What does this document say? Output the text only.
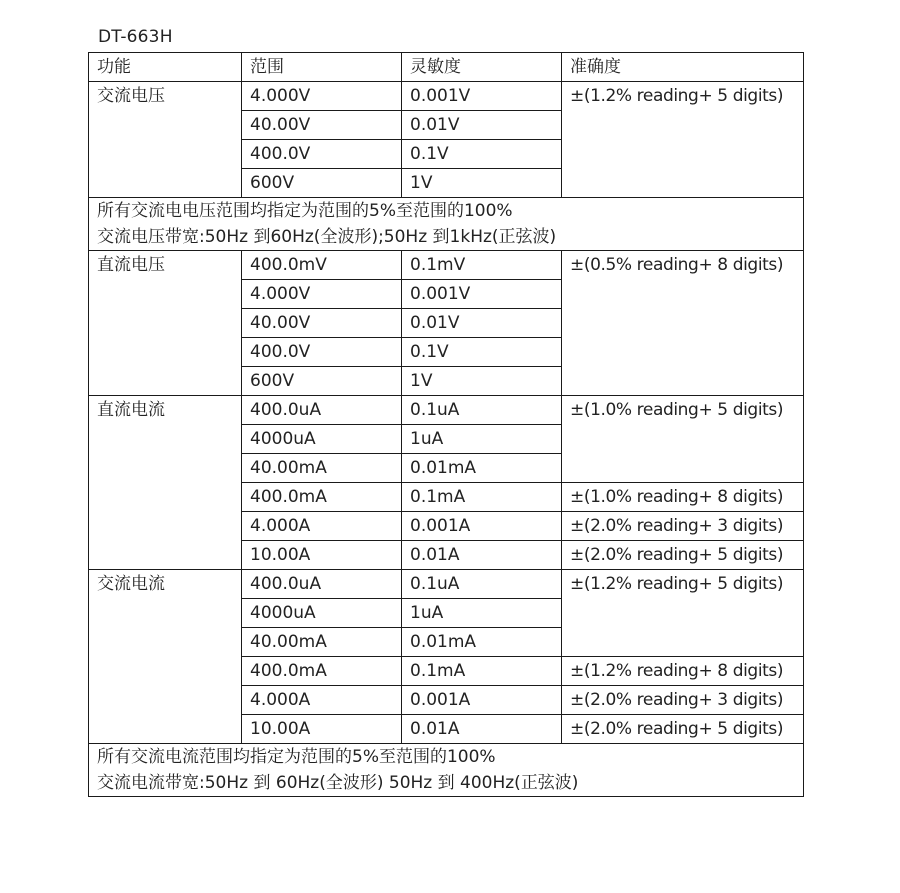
DT-663H
功能	范围	灵敏度	准确度
交流电压	4.000V	0.001V	±(1.2% reading+ 5 digits)
	40.00V	0.01V	
	400.0V	0.1V	
	600V	1V	

所有交流电电压范围均指定为范围的5%至范围的100%
交流电压带宽:50Hz 到60Hz(全波形);50Hz 到1kHz(正弦波)			

直流电压	400.0mV	0.1mV	±(0.5% reading+ 8 digits)
	4.000V	0.001V	
	40.00V	0.01V	
	400.0V	0.1V	
	600V	1V	
直流电流	400.0uA	0.1uA	±(1.0% reading+ 5 digits)
	4000uA	1uA	
	40.00mA	0.01mA	
	400.0mA	0.1mA	±(1.0% reading+ 8 digits)
	4.000A	0.001A	±(2.0% reading+ 3 digits)
	10.00A	0.01A	±(2.0% reading+ 5 digits)
交流电流	400.0uA	0.1uA	±(1.2% reading+ 5 digits)
	4000uA	1uA	
	40.00mA	0.01mA	
	400.0mA	0.1mA	±(1.2% reading+ 8 digits)
	4.000A	0.001A	±(2.0% reading+ 3 digits)
	10.00A	0.01A	±(2.0% reading+ 5 digits)

所有交流电流范围均指定为范围的5%至范围的100%
交流电流带宽:50Hz 到 60Hz(全波形) 50Hz 到 400Hz(正弦波)			
